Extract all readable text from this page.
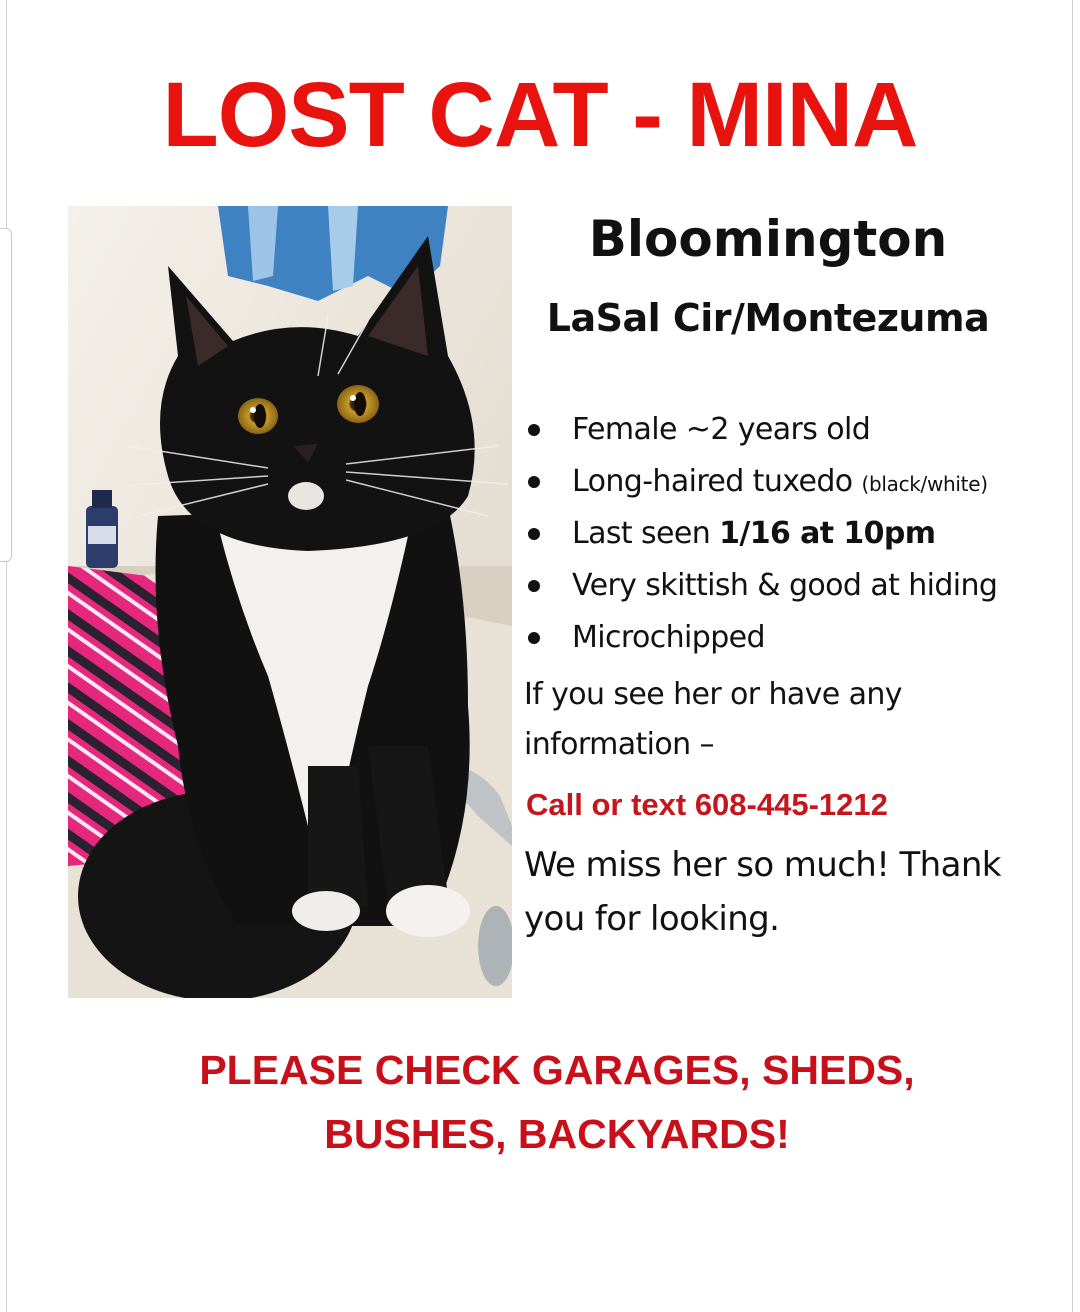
LOST CAT - MINA
Bloomington
LaSal Cir/Montezuma
Female ~2 years old
Long-haired tuxedo (black/white)
Last seen 1/16 at 10pm
Very skittish & good at hiding
Microchipped
If you see her or have any
information –
Call or text 608-445-1212
We miss her so much! Thank
you for looking.
PLEASE CHECK GARAGES, SHEDS,
BUSHES, BACKYARDS!
